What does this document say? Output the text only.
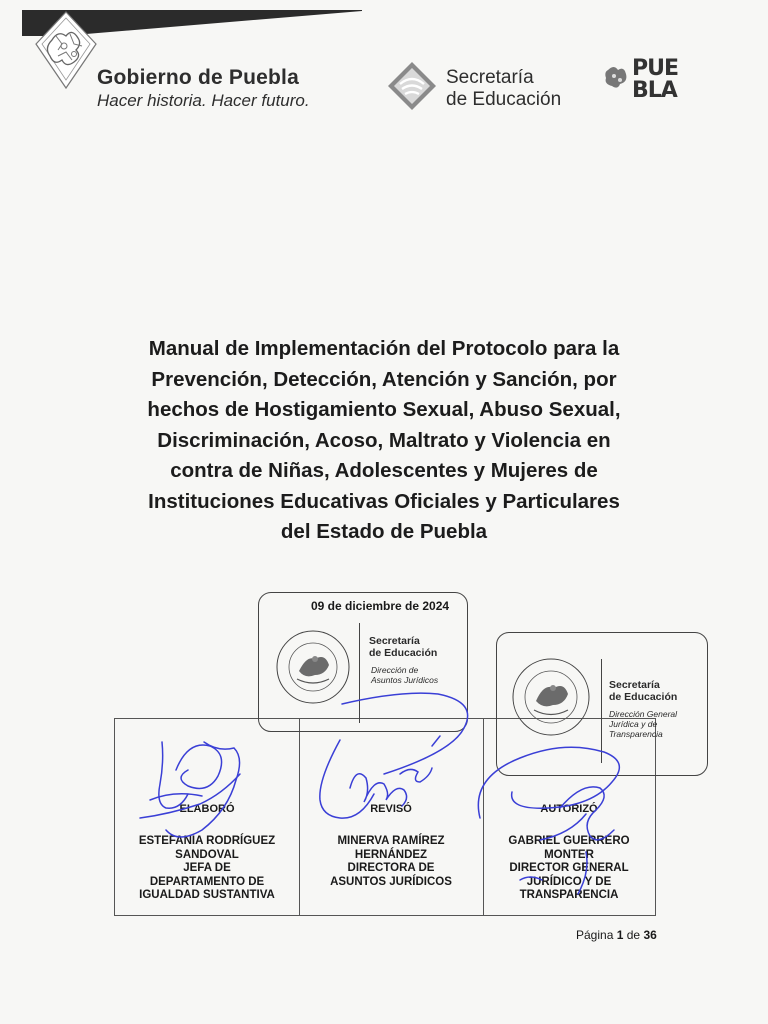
Gobierno de Puebla
Hacer historia. Hacer futuro.
Secretaría
de Educación
PUE
BLA
Manual de Implementación del Protocolo para la
Prevención, Detección, Atención y Sanción, por
hechos de Hostigamiento Sexual, Abuso Sexual,
Discriminación, Acoso, Maltrato y Violencia en
contra de Niñas, Adolescentes y Mujeres de
Instituciones Educativas Oficiales y Particulares
del Estado de Puebla
ELABORÓ
ESTEFANÍA RODRÍGUEZ
SANDOVAL
JEFA DE
DEPARTAMENTO DE
IGUALDAD SUSTANTIVA
REVISÓ
MINERVA RAMÍREZ
HERNÁNDEZ
DIRECTORA DE
ASUNTOS JURÍDICOS
AUTORIZÓ
GABRIEL GUERRERO
MONTER
DIRECTOR GENERAL
JURÍDICO Y DE
TRANSPARENCIA
09 de diciembre de 2024
Secretaría
de Educación
Dirección de
Asuntos Jurídicos	Secretaría
de Educación
Dirección General
Jurídica y de
Transparencia
Página 1 de 36
